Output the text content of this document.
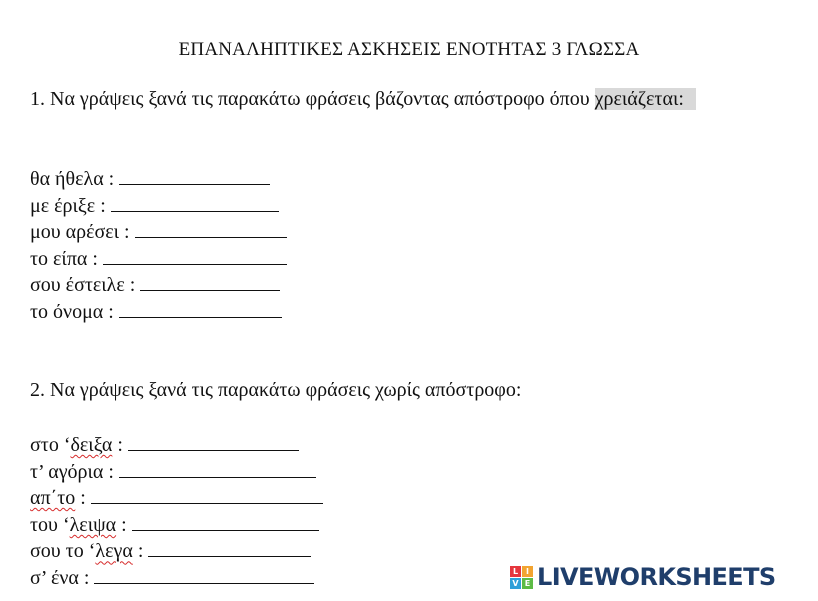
ΕΠΑΝΑΛΗΠΤΙΚΕΣ ΑΣΚΗΣΕΙΣ ΕΝΟΤΗΤΑΣ 3 ΓΛΩΣΣΑ
1. Να γράψεις ξανά τις παρακάτω φράσεις βάζοντας απόστροφο όπου χρειάζεται:
θα ήθελα :
με έριξε :
μου αρέσει :
το είπα :
σου έστειλε :
το όνομα :
2. Να γράψεις ξανά τις παρακάτω φράσεις χωρίς απόστροφο:
στο ‘δειξα :
τ’ αγόρια :
απ΄το :
του ‘λειψα :
σου το ‘λεγα :
σ’ ένα :	L I
V E LIVEWORKSHEETS
